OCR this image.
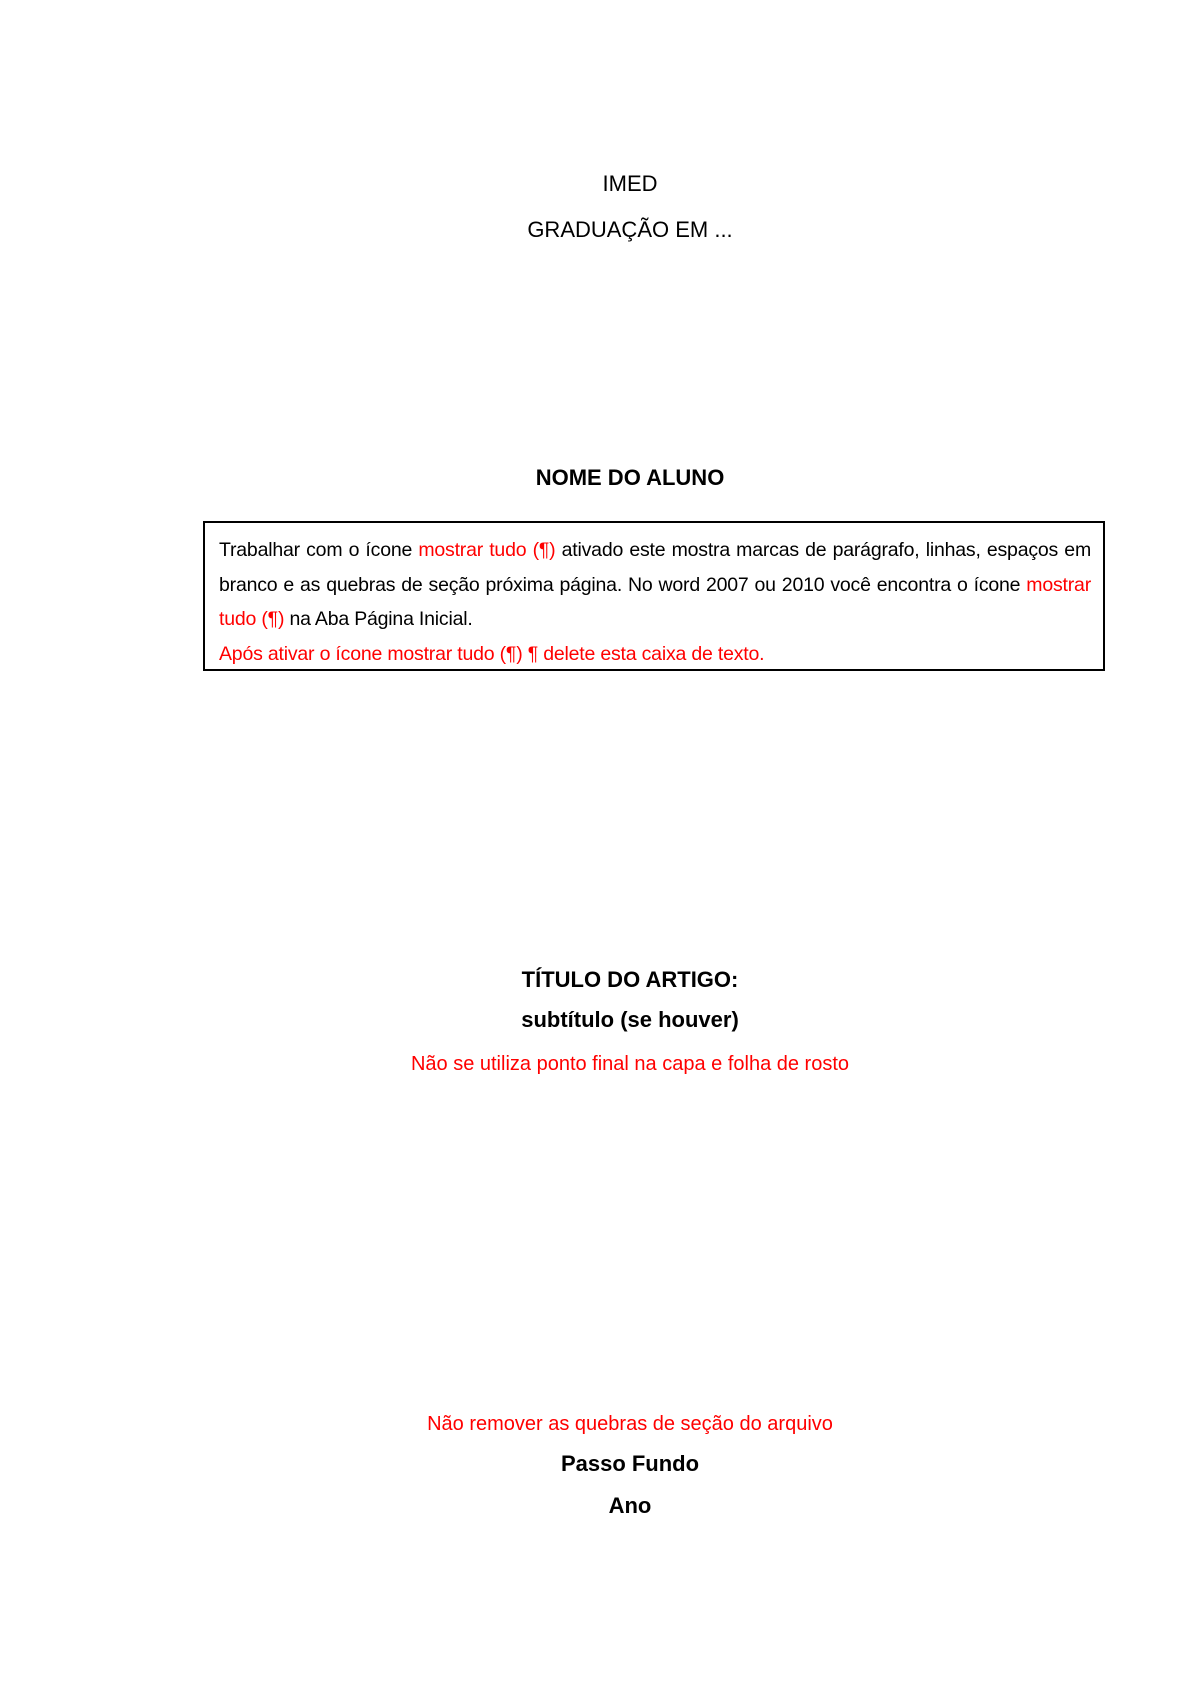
IMED
GRADUAÇÃO EM ...
NOME DO ALUNO

Trabalhar com o ícone mostrar tudo (¶) ativado este mostra marcas de parágrafo, linhas, espaços em branco e as quebras de seção próxima página. No word 2007 ou 2010 você encontra o ícone mostrar tudo (¶) na Aba Página Inicial.

Após ativar o ícone mostrar tudo (¶) ¶ delete esta caixa de texto.

TÍTULO DO ARTIGO:
subtítulo (se houver)
Não se utiliza ponto final na capa e folha de rosto
Não remover as quebras de seção do arquivo
Passo Fundo
Ano
